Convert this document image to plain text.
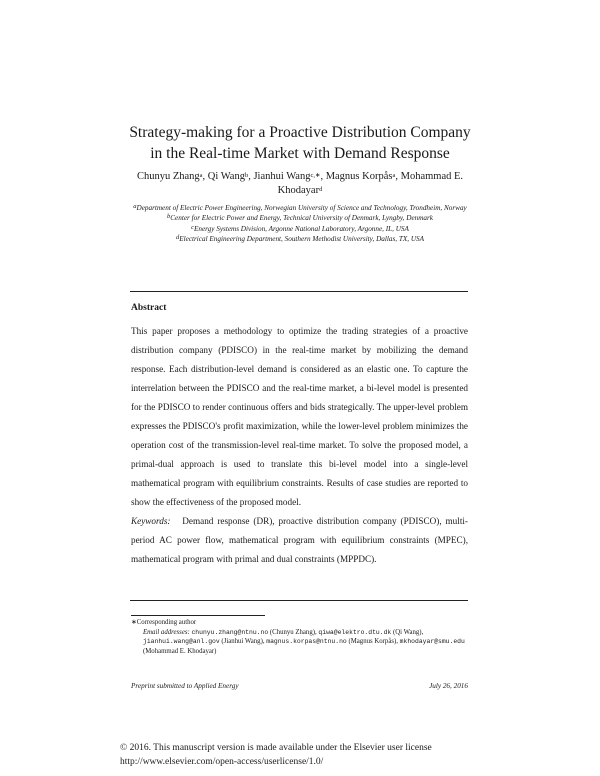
Strategy-making for a Proactive Distribution Company
in the Real-time Market with Demand Response
Chunyu Zhang$^a$, Qi Wang$^b$, Jianhui Wang$^{c,∗}$, Magnus Korpås$^a$, Mohammad E. Khodayar$^d$
$^a$Department of Electric Power Engineering, Norwegian University of Science and Technology, Trondheim, Norway
$^b$Center for Electric Power and Energy, Technical University of Denmark, Lyngby, Denmark
$^c$Energy Systems Division, Argonne National Laboratory, Argonne, IL, USA
$^d$Electrical Engineering Department, Southern Methodist University, Dallas, TX, USA
Abstract
This paper proposes a methodology to optimize the trading strategies of a proactive distribution company (PDISCO) in the real-time market by mobilizing the demand response. Each distribution-level demand is considered as an elastic one. To capture the interrelation between the PDISCO and the real-time market, a bi-level model is presented for the PDISCO to render continuous offers and bids strategically. The upper-level problem expresses the PDISCO's profit maximization, while the lower-level problem minimizes the operation cost of the transmission-level real-time market. To solve the proposed model, a primal-dual approach is used to translate this bi-level model into a single-level mathematical program with equilibrium constraints. Results of case studies are reported to show the effectiveness of the proposed model.
Keywords: Demand response (DR), proactive distribution company (PDISCO), multi-period AC power flow, mathematical program with equilibrium constraints (MPEC), mathematical program with primal and dual constraints (MPPDC).
∗Corresponding author
Email addresses: chunyu.zhang@ntnu.no (Chunyu Zhang), qiwa@elektro.dtu.dk (Qi Wang), jianhui.wang@anl.gov (Jianhui Wang), magnus.korpas@ntnu.no (Magnus Korpås), mkhodayar@smu.edu (Mohammad E. Khodayar)
Preprint submitted to Applied Energy	July 26, 2016
© 2016. This manuscript version is made available under the Elsevier user license
http://www.elsevier.com/open-access/userlicense/1.0/
